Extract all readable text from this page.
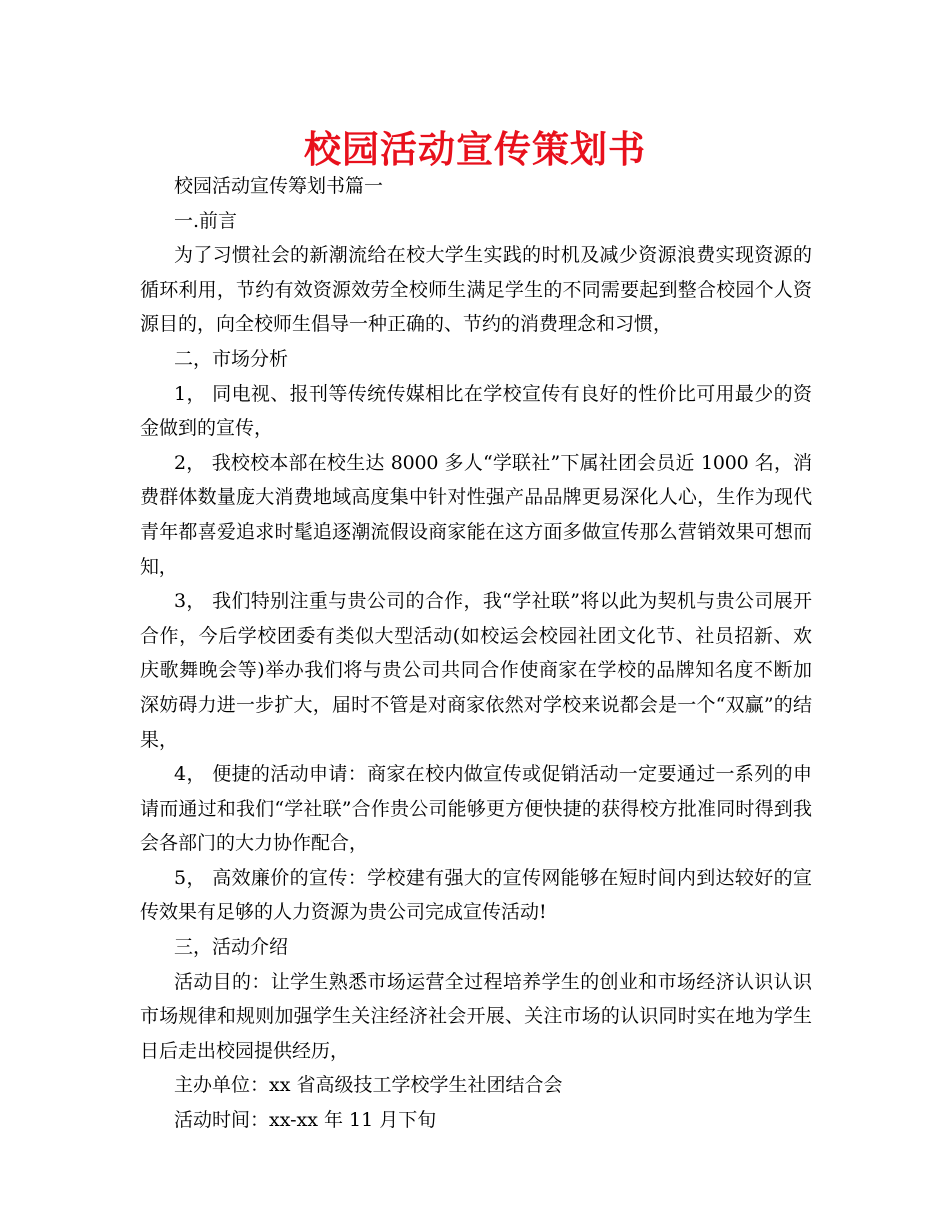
校园活动宣传策划书

校园活动宣传筹划书篇一

一.前言

为了习惯社会的新潮流给在校大学生实践的时机及减少资源浪费实现资源的循环利用，节约有效资源效劳全校师生满足学生的不同需要起到整合校园个人资源目的，向全校师生倡导一种正确的、节约的消费理念和习惯，

二，市场分析

1， 同电视、报刊等传统传媒相比在学校宣传有良好的性价比可用最少的资金做到的宣传，

2， 我校校本部在校生达 8000 多人“学联社”下属社团会员近 1000 名，消费群体数量庞大消费地域高度集中针对性强产品品牌更易深化人心，生作为现代青年都喜爱追求时髦追逐潮流假设商家能在这方面多做宣传那么营销效果可想而知，

3， 我们特别注重与贵公司的合作，我“学社联”将以此为契机与贵公司展开合作，今后学校团委有类似大型活动(如校运会校园社团文化节、社员招新、欢庆歌舞晚会等)举办我们将与贵公司共同合作使商家在学校的品牌知名度不断加深妨碍力进一步扩大，届时不管是对商家依然对学校来说都会是一个“双赢”的结果，

4， 便捷的活动申请：商家在校内做宣传或促销活动一定要通过一系列的申请而通过和我们“学社联”合作贵公司能够更方便快捷的获得校方批准同时得到我会各部门的大力协作配合，

5， 高效廉价的宣传：学校建有强大的宣传网能够在短时间内到达较好的宣传效果有足够的人力资源为贵公司完成宣传活动!

三，活动介绍

活动目的：让学生熟悉市场运营全过程培养学生的创业和市场经济认识认识市场规律和规则加强学生关注经济社会开展、关注市场的认识同时实在地为学生日后走出校园提供经历，

主办单位：xx 省高级技工学校学生社团结合会

活动时间：xx-xx 年 11 月下旬
